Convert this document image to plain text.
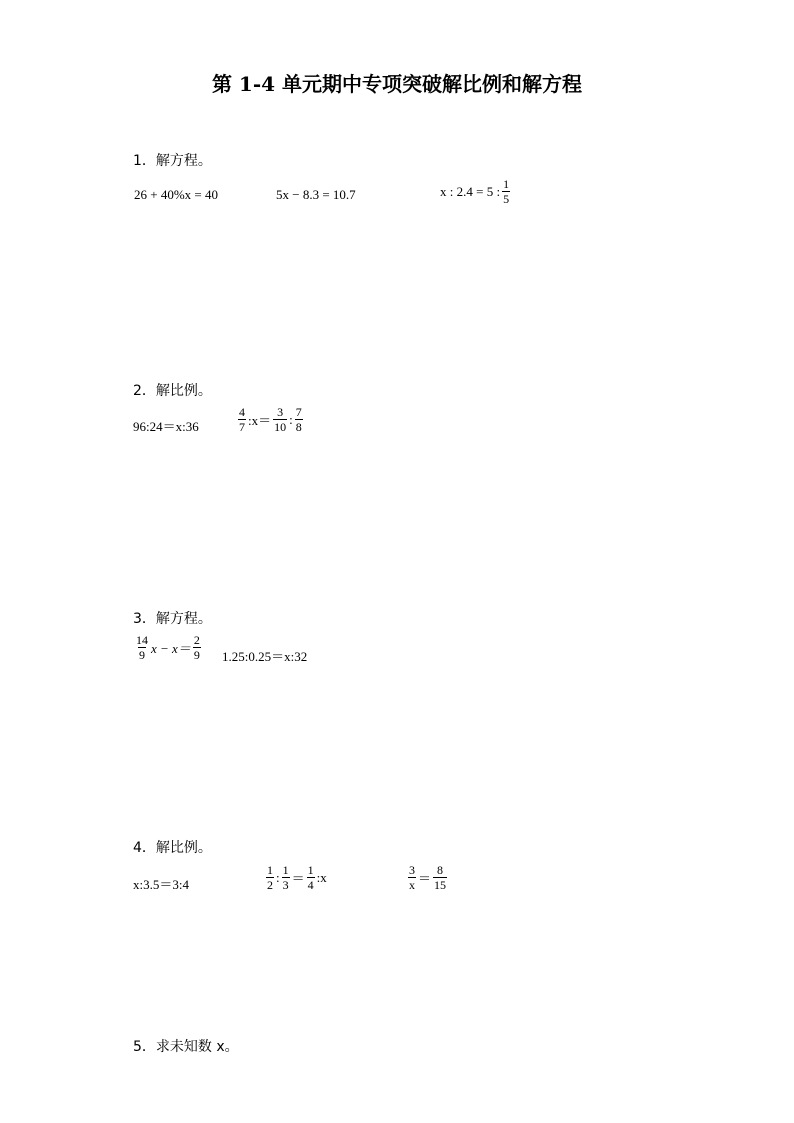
第 1-4 单元期中专项突破解比例和解方程
1．解方程。
26 + 40%x = 40	5x − 8.3 = 10.7	x : 2.4 = 5 : $\frac{1}{5}$
2．解比例。
96:24＝x:36	$\frac{4}{7}$ :x＝ $\frac{3}{10}$ : $\frac{7}{8}$
3．解方程。
$\frac{14}{9}$ $x - x= \frac{2}{9}$ 1.25:0.25＝x:32
4．解比例。
x:3.5＝3:4	$\frac{1}{2}$ : $\frac{1}{3} = \frac{1}{4}$ :x	$\frac{3}{x} = \frac{8}{15}$
5．求未知数 x。
